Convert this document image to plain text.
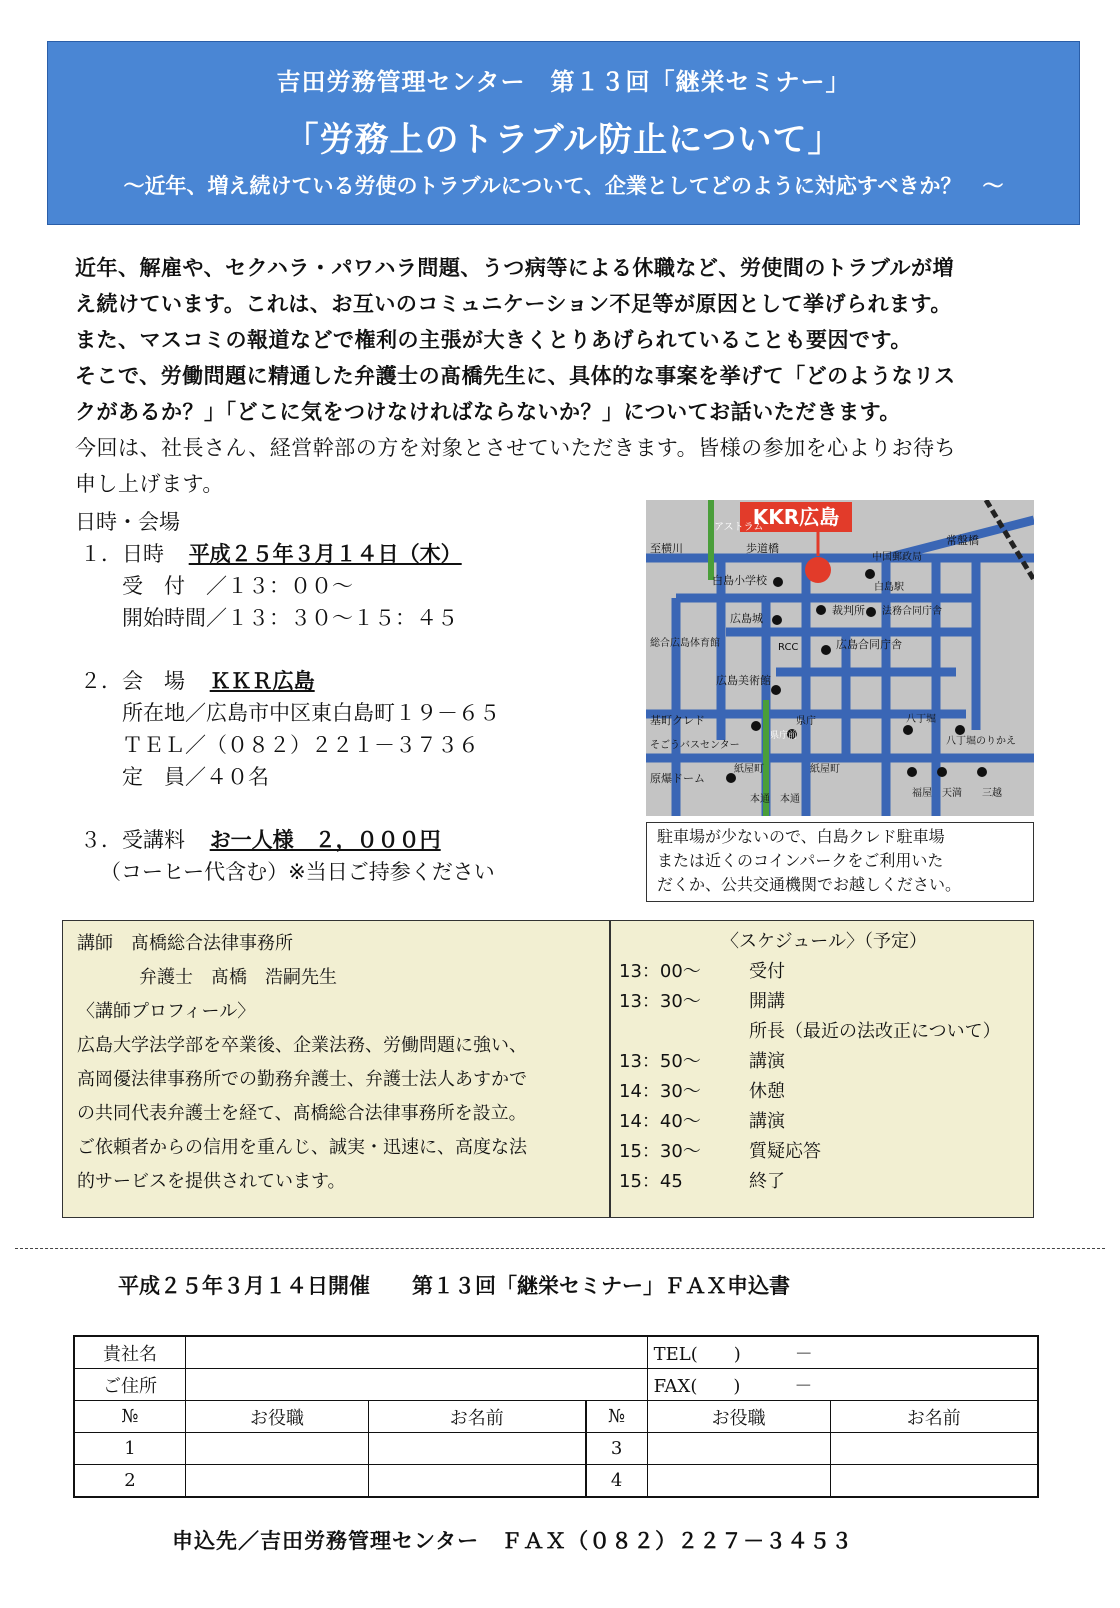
吉田労務管理センター　第１３回「継栄セミナー」
「労務上のトラブル防止について」
～近年、増え続けている労使のトラブルについて、企業としてどのように対応すべきか？　～

近年、解雇や、セクハラ・パワハラ問題、うつ病等による休職など、労使間のトラブルが増

え続けています。これは、お互いのコミュニケーション不足等が原因として挙げられます。

また、マスコミの報道などで権利の主張が大きくとりあげられていることも要因です。

そこで、労働問題に精通した弁護士の髙橋先生に、具体的な事案を挙げて「どのようなリス

クがあるか？」「どこに気をつけなければならないか？」についてお話いただきます。

今回は、社長さん、経営幹部の方を対象とさせていただきます。皆様の参加を心よりお待ち

申し上げます。

日時・会場
１．日時 平成２５年３月１４日（木）
受　付　／１３：００～
開始時間／１３：３０～１５：４５
２．会　場 ＫＫＲ広島
所在地／広島市中区東白島町１９－６５
ＴＥＬ／（０８２）２２１－３７３６
定　員／４０名
３．受講料 お一人様　２，０００円
（コーヒー代含む）※当日ご持参ください
KKR広島
至横川	歩道橋
白島小学校
白島駅
常盤橋
裁判所 法務合同庁舎
広島合同庁舎
広島城
RCC
総合広島体育館
広島美術館
基町クレド
そごうバスセンター
県庁
県庁前
八丁堀
八丁堀のりかえ
原爆ドーム
紙屋町	紙屋町
本通 本通
福屋 天満 三越
中国郵政局
アストラム
駐車場が少ないので、白島クレド駐車場
または近くのコインパークをご利用いた
だくか、公共交通機関でお越しください。
講師　髙橋総合法律事務所
弁護士　髙橋　浩嗣先生
〈講師プロフィール〉
広島大学法学部を卒業後、企業法務、労働問題に強い、
高岡優法律事務所での勤務弁護士、弁護士法人あすかで
の共同代表弁護士を経て、髙橋総合法律事務所を設立。
ご依頼者からの信用を重んじ、誠実・迅速に、高度な法
的サービスを提供されています。
〈スケジュール〉（予定）
13：00～	受付
13：30～	開講
所長（最近の法改正について）
13：50～	講演
14：30～	休憩
14：40～	講演
15：30～	質疑応答
15：45	終了
平成２５年３月１４日開催　　第１３回「継栄セミナー」ＦＡＸ申込書
貴社名				TEL(　　)　　　－	
ご住所				FAX(　　)　　　－	
№	お役職	お名前	№	お役職	お名前
1			3		
2			4		
申込先／吉田労務管理センター　ＦＡＸ（０８２）２２７－３４５３
